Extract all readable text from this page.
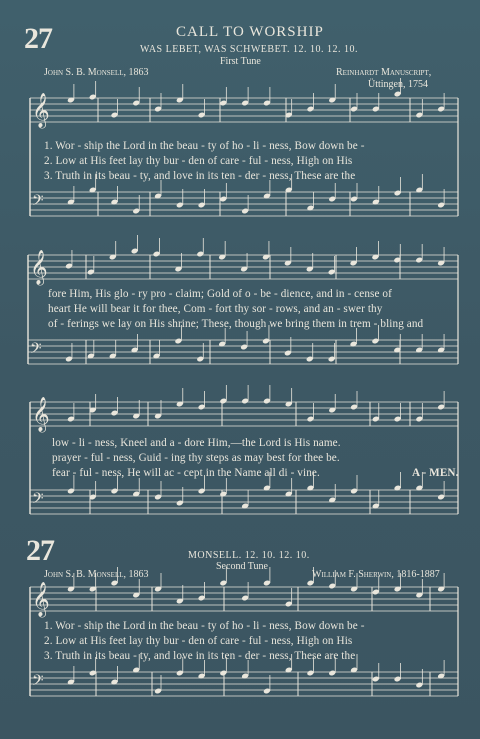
27	CALL TO WORSHIP
WAS LEBET, WAS SCHWEBET. 12. 10. 12. 10.
First Tune
John S. B. Monsell, 1863	Reinhardt Manuscript,
Üttingen, 1754
1. Wor - ship the Lord in the beau - ty of ho - li - ness, Bow down be -
2. Low at His feet lay thy bur - den of care - ful - ness, High on His
3. Truth in its beau - ty, and love in its ten - der - ness, These are the
fore Him, His glo - ry pro - claim; Gold of o - be - dience, and in - cense of
heart He will bear it for thee, Com - fort thy sor - rows, and an - swer thy
of - ferings we lay on His shrine; These, though we bring them in trem - bling and
low - li - ness, Kneel and a - dore Him,—the Lord is His name.
prayer - ful - ness, Guid - ing thy steps as may best for thee be.
fear - ful - ness, He will ac - cept in the Name all di - vine.	A - MEN.
27	MONSELL. 12. 10. 12. 10.
Second Tune
John S. B. Monsell, 1863	William F. Sherwin, 1816-1887
1. Wor - ship the Lord in the beau - ty of ho - li - ness, Bow down be -
2. Low at His feet lay thy bur - den of care - ful - ness, High on His
3. Truth in its beau - ty, and love in its ten - der - ness, These are the
𝄞
𝄢
𝄞
𝄢
𝄞
𝄢
𝄞
𝄢
